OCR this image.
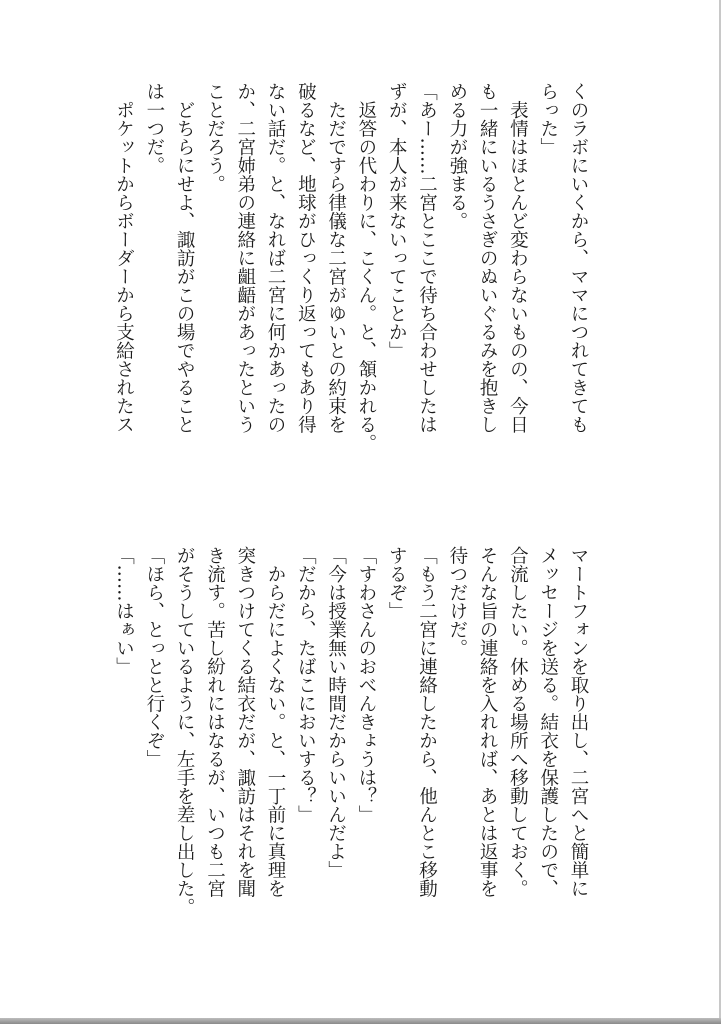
くのラボにいくから、ママにつれてきても

らった」

　表情はほとんど変わらないものの、今日

も一緒にいるうさぎのぬいぐるみを抱きし

める力が強まる。

「あー……二宮とここで待ち合わせしたは

ずが、本人が来ないってことか」

　返答の代わりに、こくん。と、頷かれる。

　ただですら律儀な二宮がゆいとの約束を

破るなど、地球がひっくり返ってもあり得

ない話だ。と、なれば二宮に何かあったの

か、二宮姉弟の連絡に齟齬があったという

ことだろう。

　どちらにせよ、諏訪がこの場でやること

は一つだ。

　ポケットからボーダーから支給されたス

マートフォンを取り出し、二宮へと簡単に

メッセージを送る。結衣を保護したので、

合流したい。休める場所へ移動しておく。

そんな旨の連絡を入れれば、あとは返事を

待つだけだ。

「もう二宮に連絡したから、他んとこ移動

するぞ」

「すわさんのおべんきょうは？」

「今は授業無い時間だからいいんだよ」

「だから、たばこにおいする？」

　からだによくない。と、一丁前に真理を

突きつけてくる結衣だが、諏訪はそれを聞

き流す。苦し紛れにはなるが、いつも二宮

がそうしているように、左手を差し出した。

「ほら、とっとと行くぞ」

「……はぁい」
